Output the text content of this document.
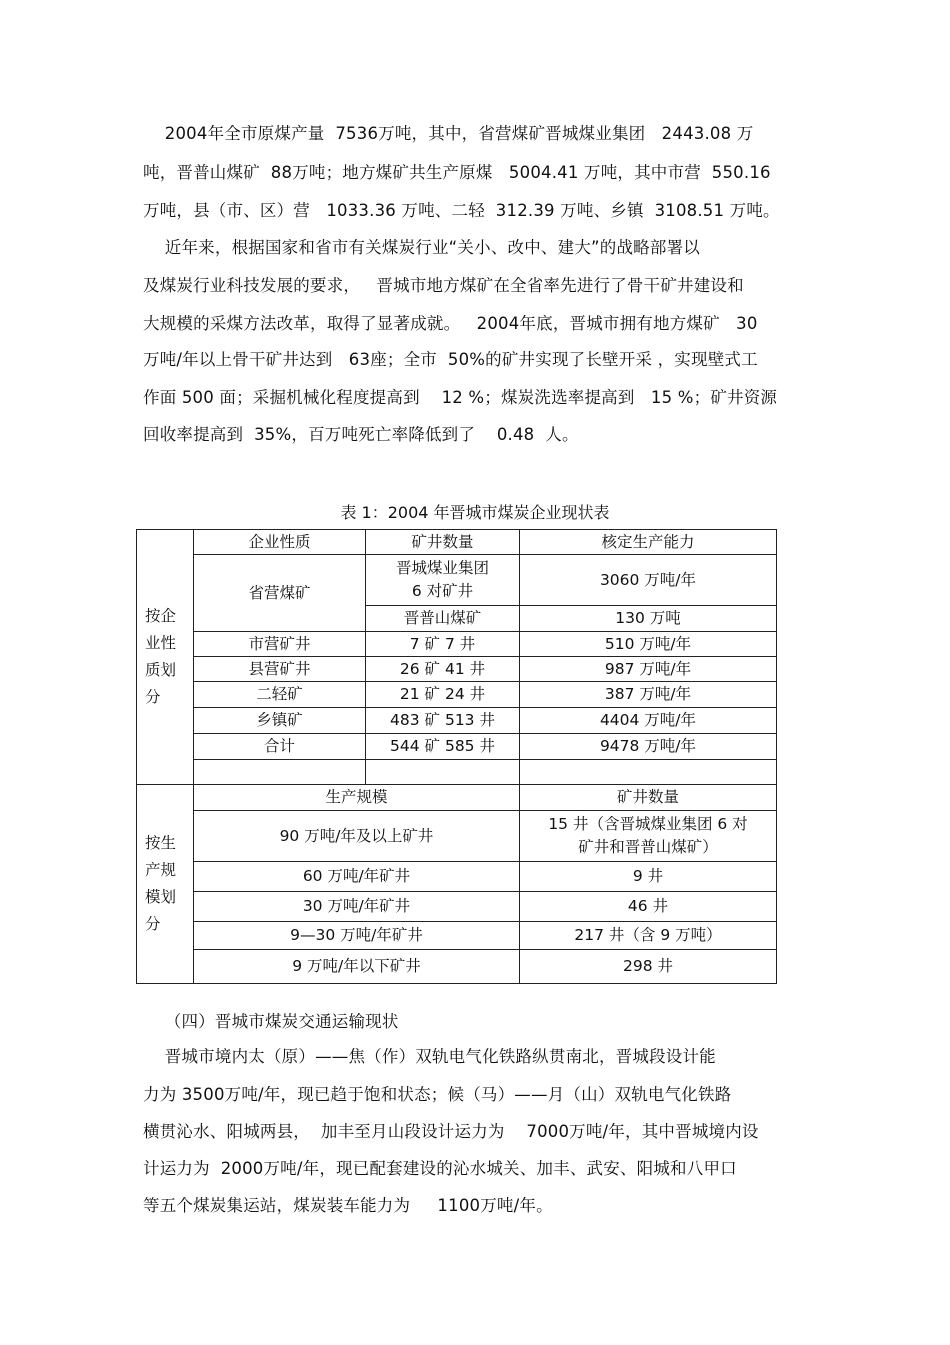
2004年全市原煤产量  7536万吨，其中，省营煤矿晋城煤业集团   2443.08 万
吨，晋普山煤矿  88万吨；地方煤矿共生产原煤   5004.41 万吨，其中市营  550.16
万吨，县（市、区）营   1033.36 万吨、二轻  312.39 万吨、乡镇  3108.51 万吨。
近年来，根据国家和省市有关煤炭行业“关小、改中、建大”的战略部署以
及煤炭行业科技发展的要求，   晋城市地方煤矿在全省率先进行了骨干矿井建设和
大规模的采煤方法改革，取得了显著成就。   2004年底，晋城市拥有地方煤矿   30
万吨/年以上骨干矿井达到   63座；全市  50%的矿井实现了长壁开采 ，实现壁式工
作面 500 面；采掘机械化程度提高到    12 %；煤炭洗选率提高到   15 %；矿井资源
回收率提高到  35%，百万吨死亡率降低到了    0.48  人。
表 1：2004 年晋城市煤炭企业现状表
按企
业性
质划
分	企业性质	矿井数量	核定生产能力
	省营煤矿	晋城煤业集团
6 对矿井	3060 万吨/年
		晋普山煤矿	130 万吨
	市营矿井	7 矿 7 井	510 万吨/年
	县营矿井	26 矿 41 井	987 万吨/年
	二轻矿	21 矿 24 井	387 万吨/年
	乡镇矿	483 矿 513 井	4404 万吨/年
	合计	544 矿 585 井	9478 万吨/年

按生
产规
模划
分	生产规模		矿井数量
	90 万吨/年及以上矿井		15 井（含晋城煤业集团 6 对
矿井和晋普山煤矿）
	60 万吨/年矿井		9 井
	30 万吨/年矿井		46 井
	9—30 万吨/年矿井		217 井（含 9 万吨）
	9 万吨/年以下矿井		298 井
（四）晋城市煤炭交通运输现状
晋城市境内太（原）——焦（作）双轨电气化铁路纵贯南北，晋城段设计能
力为 3500万吨/年，现已趋于饱和状态；候（马）——月（山）双轨电气化铁路
横贯沁水、阳城两县，  加丰至月山段设计运力为    7000万吨/年，其中晋城境内设
计运力为  2000万吨/年，现已配套建设的沁水城关、加丰、武安、阳城和八甲口
等五个煤炭集运站，煤炭装车能力为     1100万吨/年。
